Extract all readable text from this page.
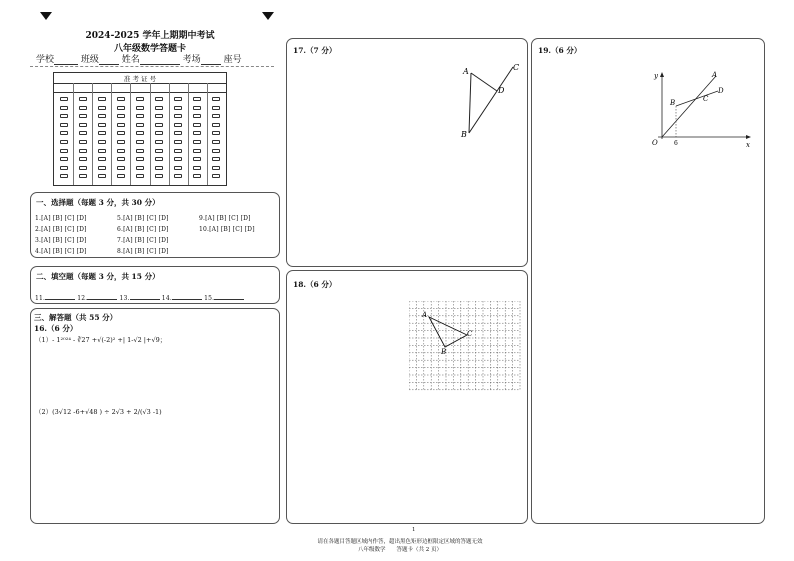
2024-2025 学年上期期中考试
八年级数学答题卡
学校	班级	姓名	考场	座号
准 考 证 号
一、选择题（每题 3 分，共 30 分）
1.[A] [B] [C] [D]	5.[A] [B] [C] [D]	9.[A] [B] [C] [D]
2.[A] [B] [C] [D]	6.[A] [B] [C] [D]	10.[A] [B] [C] [D]
3.[A] [B] [C] [D]	7.[A] [B] [C] [D]
4.[A] [B] [C] [D]	8.[A] [B] [C] [D]
二、填空题（每题 3 分，共 15 分）
11.	12.	13.	14.	15.
三、解答题（共 55 分）
16.（6 分）
（1）- 1²⁰²⁴ - ∛27 +√(-2)² +| 1-√2 |+√9；
（2）(3√12 -6+√48 ) ÷ 2√3 + 2/(√3 -1)
17.（7 分）
A	C
D
B
18.（6 分）
A
C
B
19.（6 分）
y	A
D
C
B
O	6	x
1
请在各题目答题区域内作答，超出黑色矩形边框限定区域的答题无效
八年级数学　　答题卡（共 2 页）
